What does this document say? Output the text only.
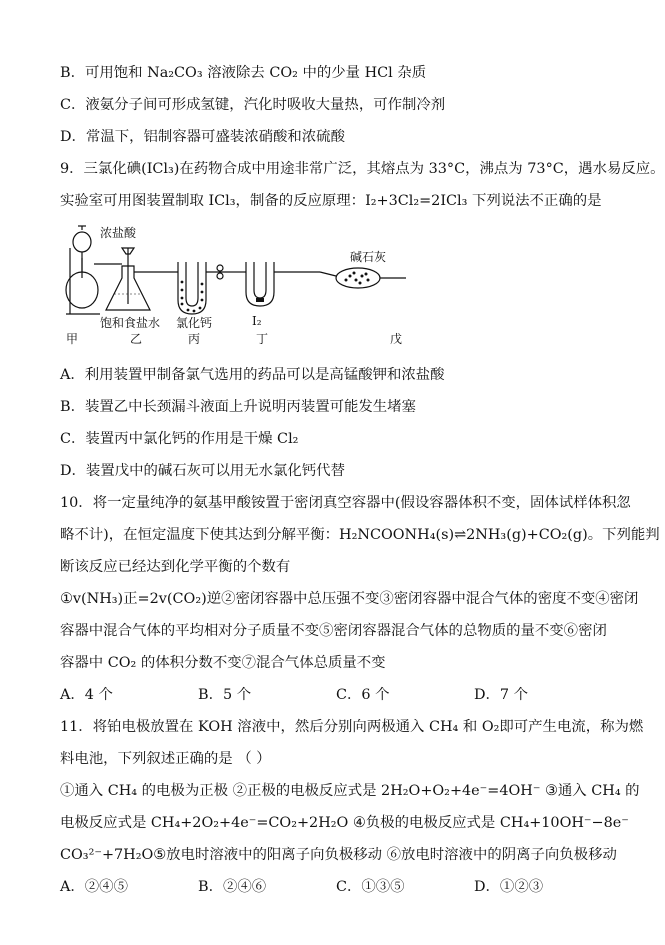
B．可用饱和 Na₂CO₃ 溶液除去 CO₂ 中的少量 HCl 杂质
C．液氨分子间可形成氢键，汽化时吸收大量热，可作制冷剂
D．常温下，铝制容器可盛装浓硝酸和浓硫酸
9．三氯化碘(ICl₃)在药物合成中用途非常广泛，其熔点为 33°C，沸点为 73°C，遇水易反应。
实验室可用图装置制取 ICl₃，制备的反应原理：I₂+3Cl₂=2ICl₃ 下列说法不正确的是
浓盐酸
碱石灰
饱和食盐水 氯化钙	I₂
甲	乙	丙	丁	戊
A．利用装置甲制备氯气选用的药品可以是高锰酸钾和浓盐酸
B．装置乙中长颈漏斗液面上升说明丙装置可能发生堵塞
C．装置丙中氯化钙的作用是干燥 Cl₂
D．装置戊中的碱石灰可以用无水氯化钙代替
10．将一定量纯净的氨基甲酸铵置于密闭真空容器中(假设容器体积不变，固体试样体积忽
略不计)，在恒定温度下使其达到分解平衡：H₂NCOONH₄(s)⇌2NH₃(g)+CO₂(g)。下列能判
断该反应已经达到化学平衡的个数有
①v(NH₃)正=2v(CO₂)逆②密闭容器中总压强不变③密闭容器中混合气体的密度不变④密闭
容器中混合气体的平均相对分子质量不变⑤密闭容器混合气体的总物质的量不变⑥密闭
容器中 CO₂ 的体积分数不变⑦混合气体总质量不变
A．4 个	B．5 个	C．6 个	D．7 个
11．将铂电极放置在 KOH 溶液中，然后分别向两极通入 CH₄ 和 O₂即可产生电流，称为燃
料电池，下列叙述正确的是 （ ）
①通入 CH₄ 的电极为正极 ②正极的电极反应式是 2H₂O+O₂+4e⁻=4OH⁻ ③通入 CH₄ 的
电极反应式是 CH₄+2O₂+4e⁻=CO₂+2H₂O ④负极的电极反应式是 CH₄+10OH⁻−8e⁻
CO₃²⁻+7H₂O⑤放电时溶液中的阳离子向负极移动 ⑥放电时溶液中的阴离子向负极移动
A．②④⑤	B．②④⑥	C．①③⑤	D．①②③
